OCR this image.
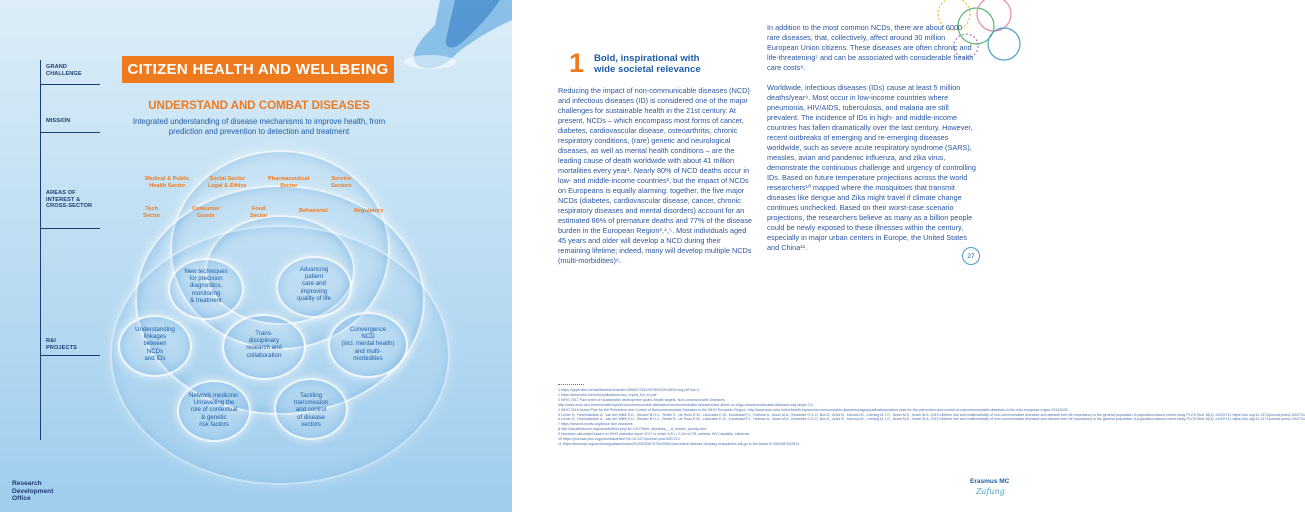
GRAND
CHALLENGE
MISSION
AREAS OF
INTEREST &
CROSS-SECTOR
R&I
PROJECTS
CITIZEN HEALTH AND WELLBEING
UNDERSTAND AND COMBAT DISEASES
Integrated understanding of disease mechanisms to improve health, from prediction and prevention to detection and treatment
Medical & Public
Health Sector
Social Sector
Legal & Ethics
Pharmaceutical
Sector
Service
Sectors
Tech
Sector
Consumer
Goods
Food
Sector
Behavorial	Regulatory
New techniques
for precision
diagnostics,
monitoring
& treatment
Advancing
patient
care and
improving
quality of life
Understanding
linkages
between
NCDs
and IDs
Trans-
disciplinary
research and
collaboration
Convergence
NCD
(incl. mental health)
and multi-
morbidities
Network medicine:
Unravelling the
role of contextual
& genetic
risk factors
Tackling
transmission
and control
of disease
vectors
Research
Development
Office
1 Bold, inspirational with
wide societal relevance

Reducing the impact of non-communicable diseases (NCD) and infectious diseases (ID) is considered one of the major challenges for sustainable health in the 21st century. At present, NCDs – which encompass most forms of cancer, diabetes, cardiovascular disease, osteoarthritis, chronic respiratory conditions, (rare) genetic and neurological diseases, as well as mental health conditions – are the leading cause of death worldwide with about 41 million mortalities every year¹. Nearly 80% of NCD deaths occur in low- and middle-income countries², but the impact of NCDs on Europeans is equally alarming: together, the five major NCDs (diabetes, cardiovascular disease, cancer, chronic respiratory diseases and mental disorders) account for an estimated 86% of premature deaths and 77% of the disease burden in the European Region³,⁴,⁵. Most individuals aged 45 years and older will develop a NCD during their remaining lifetime; indeed, many will develop multiple NCDs (multi-morbidities)⁶.

In addition to the most common NCDs, there are about 6000 rare diseases, that, collectively, affect around 30 million European Union citizens. These diseases are often chronic and life-threatening⁷ and can be associated with considerable health care costs⁸.

Worldwide, infectious diseases (IDs) cause at least 5 million deaths/year⁹. Most occur in low-income countries where pneumonia, HIV/AIDS, tuberculosis, and malaria are still prevalent. The incidence of IDs in high- and middle-income countries has fallen dramatically over the last century. However, recent outbreaks of emerging and re-emerging diseases worldwide, such as severe acute respiratory syndrome (SARS), measles, avian and pandemic influenza, and zika virus, demonstrate the continuous challenge and urgency of controlling IDs. Based on future temperature projections across the world researchers¹⁰ mapped where the mosquitoes that transmit diseases like dengue and Zika might travel if climate change continues unchecked. Based on their worst-case scenario projections, the researchers believe as many as a billion people could be newly exposed to these illnesses within the century, especially in major urban centers in Europe, the United States and China¹¹.

27
1 https://apps.who.int/iris/bitstream/handle/10665/274512/9789241514620-eng.pdf?ua=1
2 https://www.who.int/nmh/publications/ncd_report_full_en.pdf
3 WHO 2017 Fact sheet on sustainable development goals: health targets. Non-communicable Diseases.
http://www.euro.who.int/en/health-topics/noncommunicable-diseases/noncommunicable-diseases/fact-sheet-on-sdgs-noncommunicable-diseases-sdg-target-3.4
4 WHO 2016 Action Plan for the Prevention and Control of Noncommunicable Diseases in the WHO European Region. http://www.euro.who.int/en/health-topics/noncommunicable-diseases/pages/publications/action-plan-for-the-prevention-and-control-of-noncommunicable-diseases-in-the-who-european-region-20162025
5 Licher S., Heshmatollah A., van der Willik K.D., Stricker B.H.C., Ruiter R., de Roos E.W., Lahousse E.M., Koudstaal P.J., Hofman A., Ikram M.A., Brusselle G.G.O, Bos D., Arshi B., Kavousi M., Leening M.J.G., Ikram M.K., Ikram M.A. 2019 Lifetime risk and multimorbidity of non-communicable diseases and disease-free life expectancy in the general population: A population-based cohort study PLOS Med 16(1): e1002741 https://doi.org/10.1371/journal.pmed.1002741
6 Licher S., Heshmatollah A., van der Willik K.D., Stricker B.H.C., Ruiter R., de Roos E.W., Lahousse E.M., Koudstaal P.J., Hofman A., Ikram M.A., Brusselle G.G.O, Bos D., Arshi B., Kavousi M., Leening M.J.G., Ikram M.K., Ikram M.A. 2019 Lifetime risk and multimorbidity of non-communicable diseases and disease-free life expectancy in the general population: A population-based cohort study PLOS Med 16(1): e1002741 https://doi.org/10.1371/journal.pmed.1002741
7 https://www.eurordis.org/about-rare-diseases
8 http://insuldistricom.org/news/fulltext.php?id=1307/Rare_diseases_-_A_hidden_priority.html
9 Numbers calculated based on WHO statistics report 2017 in which 1/10 = 3.3m of TB, malaria, HIV, hepatitis, influenza
10 https://journals.plos.org/plosntds/article?id=10.1371/journal.pntd.0007213
11 https://www.npr.org/sections/goatsandsoda/2019/03/28/707604928/chart-where-disease-carrying-mosquitoes-will-go-in-the-future?t=1554387642813
Erasmus MC
Zafung
